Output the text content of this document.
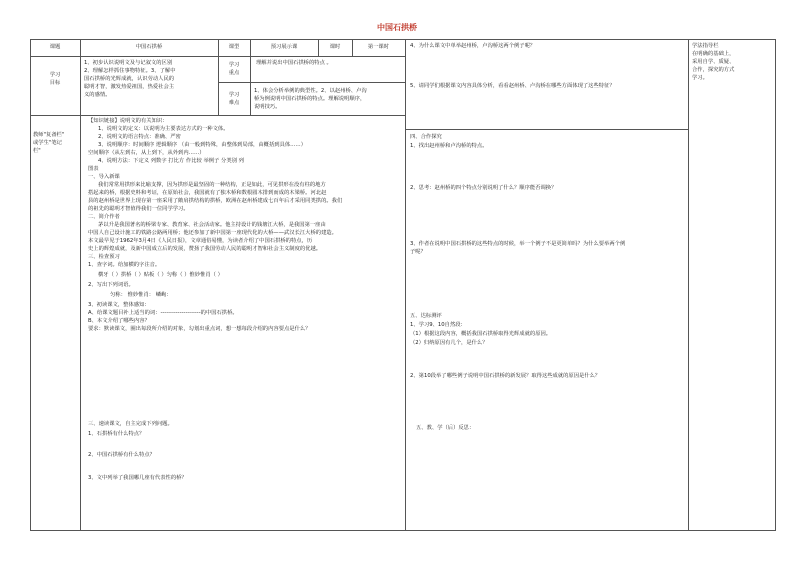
中国石拱桥
课题	中国石拱桥	课型	预习展示课	课时	第一课时
学习
目标
1、初步认识说明文及与记叙文的区别
2、理解怎样抓住事物特征。3、了解中
国石拱桥的光辉成就，认识劳动人民的
聪明才智，激发热爱祖国，热爱社会主
义的感情。
学习
重点
理解并说出中国石拱桥的特点 。
学习
难点
1、体会分析举例的典型性。2、以赵州桥、卢沟
桥为例说明中国石拱桥的特点。理解说明顺序，
说明技巧。
教师"复备栏"
或学生"笔记
栏"
【知识链接】说明文的有关知识：
1、说明文的定义：以说明为主要表达方式的一种文体。
2、说明文的语言特点：准确、严密
3、说明顺序：时间顺序 逻辑顺序 （由一般到特殊，由整体到局部，由概括到具体……）
空间顺序（从左到右，从上到下，从外到内……）
4、说明方法：下定义 列数字 打比方 作比较 举例子 分类别 列
图表
一、导入新课
我们常常用拱形来比喻支撑，因为拱形是最坚固的一种结构，正是如此，可见拱形在没有柱的地方
搭起来的桥，根据史料和考证，在原始社会，我国就有了独木桥和数根圆木排到而成的木梁桥。河北赵
县的赵州桥是世界上现存第一座采用了敞肩拱结构的拱桥，欧洲在赵州桥建成七百年后才采用同类拱的。我们
的祖先的聪明才智值得我们一位同学学习。
二、简介作者
茅以升是我国著名的桥梁专家、教育家、社会活动家。他主持设计的钱塘江大桥，是我国第一座由
中国人自己设计施工的铁路公路两用桥；他还参加了新中国第一座现代化的大桥——武汉长江大桥的建造。
本文最早见于1962年3月4日《人民日报》，文章通俗易懂，为读者介绍了中国石拱桥的特点，历
史上的辉煌成就，及新中国成立后的发展，赞扬了我国劳动人民的聪明才智和社会主义制度的优越。
三、检查预习
1、查字词。给加横的字注音。
横牙（ ）拱桥（ ）贴板（ ）匀称（ ）惟妙惟肖（ ）
2、写出下列词语。
匀称： 惟妙惟肖： 嶙峋：
3、初读课文，整体感知：
A、给课文题目补上适当的词：---------------------的中国石拱桥。
B、本文介绍了哪些内容？
要求：默读课文，圈出每段所介绍的对象，勾划出重点词，想一想每段介绍的内容要点是什么？
三、速读课文，自主完成下列问题。
1、石拱桥有什么特点？
2、中国石拱桥有什么特点？
3、文中列举了我国哪几座有代表性的桥？
4、为什么课文中单举赵州桥，卢沟桥这两个例子呢？
5、请同学们根据课文内容具体分析，看看赵州桥、卢沟桥在哪些方面体现了这些特征？
四、合作探究
1、找出赵州桥和卢沟桥的特点。
2、思考：赵州桥的四个特点分别说明了什么？顺序能否调换？
3、作者在说明中国石拱桥的这些特点的时候，举一个例子不是更简单吗？为什么要举两个例
子呢？
五、达标测评
1、学习9、10自然段：
（1）根据这段内容，概括我国石拱桥取得光辉成就的原因。
（2）归纳原因有几个，是什么？
2、第10段举了哪些例子说明中国石拱桥的新发展？取得这些成就的原因是什么？
五、教、学（后）反思：
学法指导栏
在明确的基础上，
采用自学、质疑、
合作，探究的方式
学习。
